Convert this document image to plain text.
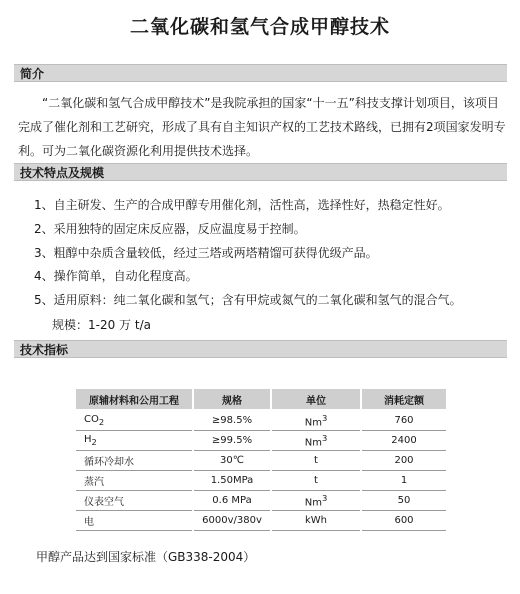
二氧化碳和氢气合成甲醇技术
简介
“二氧化碳和氢气合成甲醇技术”是我院承担的国家“十一五”科技支撑计划项目，该项目完成了催化剂和工艺研究，形成了具有自主知识产权的工艺技术路线，已拥有2项国家发明专利。可为二氧化碳资源化利用提供技术选择。
技术特点及规模
1、自主研发、生产的合成甲醇专用催化剂，活性高，选择性好，热稳定性好。
2、采用独特的固定床反应器，反应温度易于控制。
3、粗醇中杂质含量较低，经过三塔或两塔精馏可获得优级产品。
4、操作简单，自动化程度高。
5、适用原料：纯二氧化碳和氢气；含有甲烷或氮气的二氧化碳和氢气的混合气。
规模：1-20 万 t/a
技术指标
原辅材料和公用工程	规格	单位	消耗定额
$CO_2$	≥98.5%	Nm$^3$	760
$H_2$	≥99.5%	Nm$^3$	2400
循环冷却水	30℃	t	200
蒸汽	1.50MPa	t	1
仪表空气	0.6 MPa	Nm$^3$	50
电	6000v/380v	kWh	600
甲醇产品达到国家标准（GB338-2004）
